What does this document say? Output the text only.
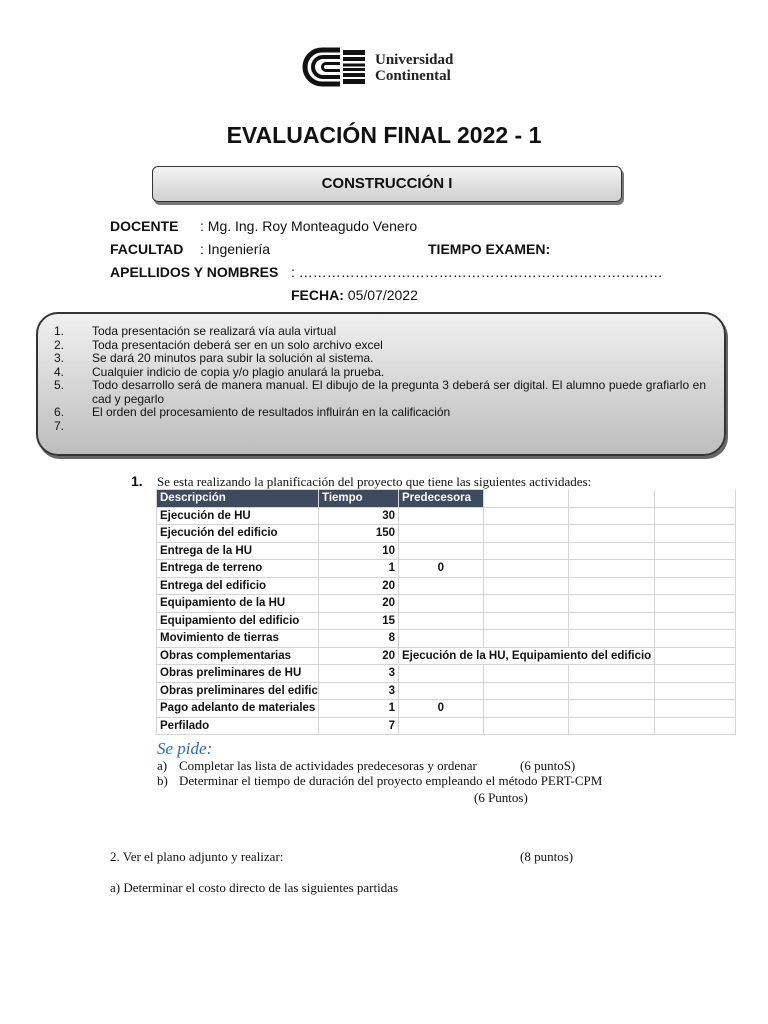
Universidad
Continental
EVALUACIÓN FINAL 2022 - 1
CONSTRUCCIÓN I
DOCENTE : Mg. Ing. Roy Monteagudo Venero
FACULTAD : Ingeniería	TIEMPO EXAMEN:
APELLIDOS Y NOMBRES : ……………………………………………………………………
FECHA: 05/07/2022
1.	Toda presentación se realizará vía aula virtual
2.	Toda presentación deberá ser en un solo archivo excel
3.	Se dará 20 minutos para subir la solución al sistema.
4.	Cualquier indicio de copia y/o plagio anulará la prueba.
5.	Todo desarrollo será de manera manual. El dibujo de la pregunta 3 deberá ser digital. El alumno puede grafiarlo en cad y pegarlo
6.	El orden del procesamiento de resultados influirán en la calificación
7.
1. Se esta realizando la planificación del proyecto que tiene las siguientes actividades:
Descripción	Tiempo	Predecesora			
Ejecución de HU	30				
Ejecución del edificio	150				
Entrega de la HU	10				
Entrega de terreno	1	0			
Entrega del edificio	20				
Equipamiento de la HU	20				
Equipamiento del edificio	15				
Movimiento de tierras	8				
Obras complementarias	20	Ejecución de la HU, Equipamiento del edificio			
Obras preliminares de HU	3				
Obras preliminares del edific	3				
Pago adelanto de materiales	1	0			
Perfilado	7				
Se pide:
a) Completar las lista de actividades predecesoras y ordenar	(6 puntoS)
b) Determinar el tiempo de duración del proyecto empleando el método PERT-CPM
(6 Puntos)
2. Ver el plano adjunto y realizar:	(8 puntos)
a) Determinar el costo directo de las siguientes partidas
